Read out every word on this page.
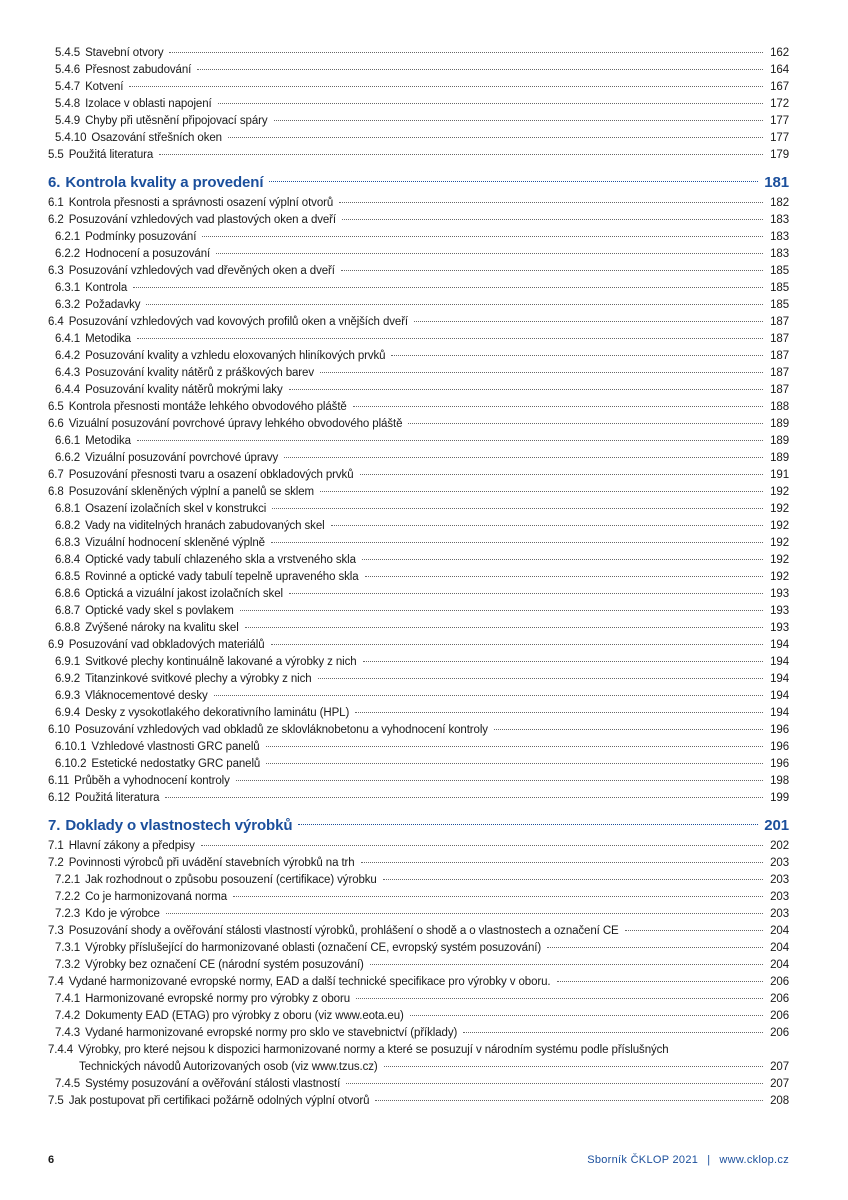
5.4.5 Stavební otvory	162
5.4.6 Přesnost zabudování	164
5.4.7 Kotvení	167
5.4.8 Izolace v oblasti napojení	172
5.4.9 Chyby při utěsnění připojovací spáry	177
5.4.10 Osazování střešních oken	177
5.5 Použitá literatura	179
6. Kontrola kvality a provedení	181
6.1 Kontrola přesnosti a správnosti osazení výplní otvorů	182
6.2 Posuzování vzhledových vad plastových oken a dveří	183
6.2.1 Podmínky posuzování	183
6.2.2 Hodnocení a posuzování	183
6.3 Posuzování vzhledových vad dřevěných oken a dveří	185
6.3.1 Kontrola	185
6.3.2 Požadavky	185
6.4 Posuzování vzhledových vad kovových profilů oken a vnějších dveří	187
6.4.1 Metodika	187
6.4.2 Posuzování kvality a vzhledu eloxovaných hliníkových prvků	187
6.4.3 Posuzování kvality nátěrů z práškových barev	187
6.4.4 Posuzování kvality nátěrů mokrými laky	187
6.5 Kontrola přesnosti montáže lehkého obvodového pláště	188
6.6 Vizuální posuzování povrchové úpravy lehkého obvodového pláště	189
6.6.1 Metodika	189
6.6.2 Vizuální posuzování povrchové úpravy	189
6.7 Posuzování přesnosti tvaru a osazení obkladových prvků	191
6.8 Posuzování skleněných výplní a panelů se sklem	192
6.8.1 Osazení izolačních skel v konstrukci	192
6.8.2 Vady na viditelných hranách zabudovaných skel	192
6.8.3 Vizuální hodnocení skleněné výplně	192
6.8.4 Optické vady tabulí chlazeného skla a vrstveného skla	192
6.8.5 Rovinné a optické vady tabulí tepelně upraveného skla	192
6.8.6 Optická a vizuální jakost izolačních skel	193
6.8.7 Optické vady skel s povlakem	193
6.8.8 Zvýšené nároky na kvalitu skel	193
6.9 Posuzování vad obkladových materiálů	194
6.9.1 Svitkové plechy kontinuálně lakované a výrobky z nich	194
6.9.2 Titanzinkové svitkové plechy a výrobky z nich	194
6.9.3 Vláknocementové desky	194
6.9.4 Desky z vysokotlakého dekorativního laminátu (HPL)	194
6.10 Posuzování vzhledových vad obkladů ze sklovláknobetonu a vyhodnocení kontroly	196
6.10.1 Vzhledové vlastnosti GRC panelů	196
6.10.2 Estetické nedostatky GRC panelů	196
6.11 Průběh a vyhodnocení kontroly	198
6.12 Použitá literatura	199
7. Doklady o vlastnostech výrobků	201
7.1 Hlavní zákony a předpisy	202
7.2 Povinnosti výrobců při uvádění stavebních výrobků na trh	203
7.2.1 Jak rozhodnout o způsobu posouzení (certifikace) výrobku	203
7.2.2 Co je harmonizovaná norma	203
7.2.3 Kdo je výrobce	203
7.3 Posuzování shody a ověřování stálosti vlastností výrobků, prohlášení o shodě a o vlastnostech a označení CE	204
7.3.1 Výrobky příslušející do harmonizované oblasti (označení CE, evropský systém posuzování)	204
7.3.2 Výrobky bez označení CE (národní systém posuzování)	204
7.4 Vydané harmonizované evropské normy, EAD a další technické specifikace pro výrobky v oboru.	206
7.4.1 Harmonizované evropské normy pro výrobky z oboru	206
7.4.2 Dokumenty EAD (ETAG) pro výrobky z oboru (viz www.eota.eu)	206
7.4.3 Vydané harmonizované evropské normy pro sklo ve stavebnictví (příklady)	206
7.4.4 Výrobky, pro které nejsou k dispozici harmonizované normy a které se posuzují v národním systému podle příslušných
Technických návodů Autorizovaných osob (viz www.tzus.cz)	207
7.4.5 Systémy posuzování a ověřování stálosti vlastností	207
7.5 Jak postupovat při certifikaci požárně odolných výplní otvorů	208
6	Sborník ČKLOP 2021 | www.cklop.cz
